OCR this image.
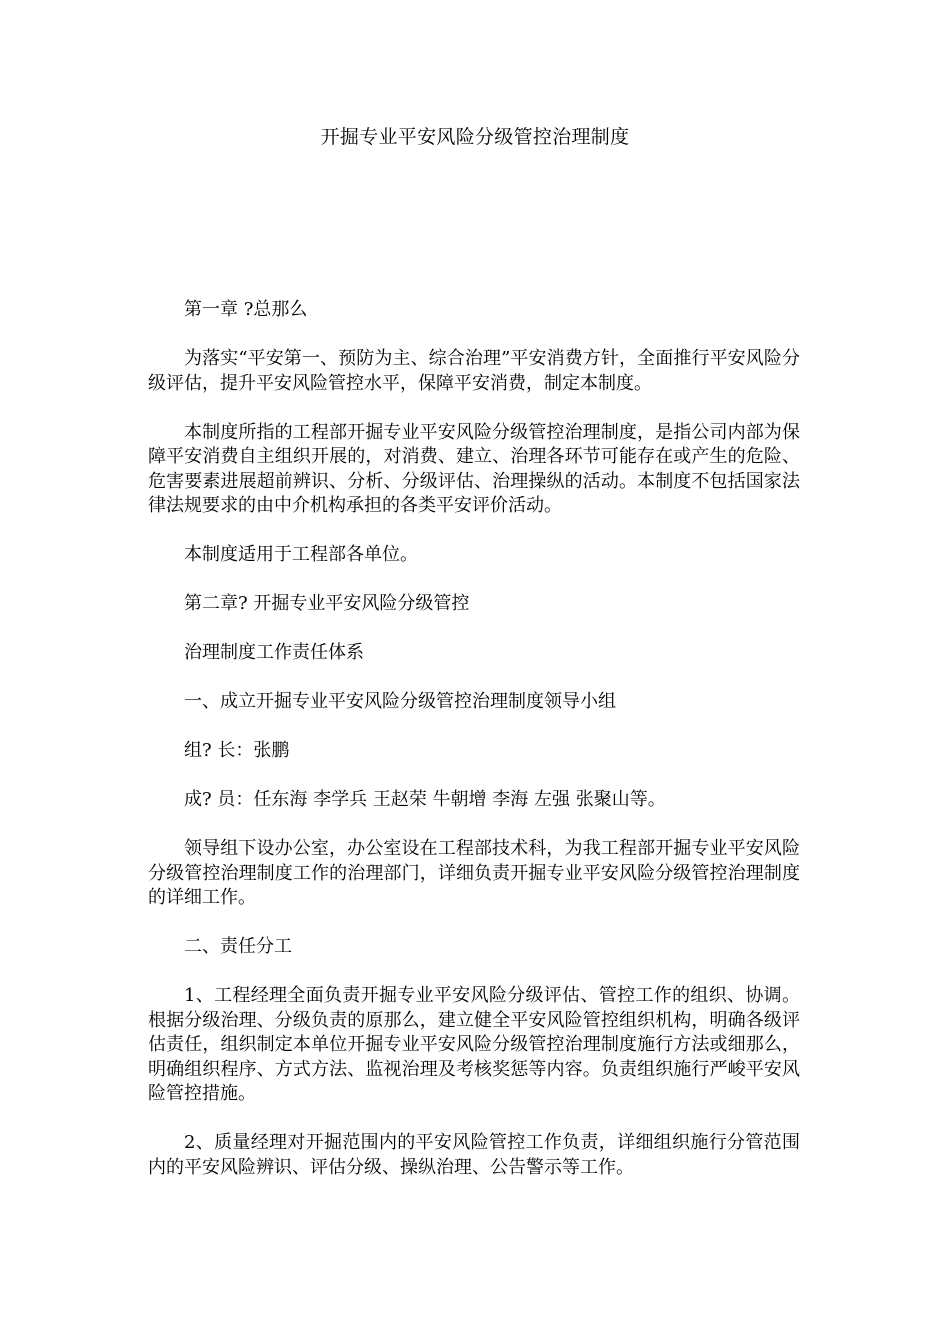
开掘专业平安风险分级管控治理制度

第一章 ?总那么

为落实“平安第一、预防为主、综合治理”平安消费方针，全面推行平安风险分级评估，提升平安风险管控水平，保障平安消费，制定本制度。

本制度所指的工程部开掘专业平安风险分级管控治理制度，是指公司内部为保障平安消费自主组织开展的，对消费、建立、治理各环节可能存在或产生的危险、危害要素进展超前辨识、分析、分级评估、治理操纵的活动。本制度不包括国家法律法规要求的由中介机构承担的各类平安评价活动。

本制度适用于工程部各单位。

第二章? 开掘专业平安风险分级管控

治理制度工作责任体系

一、成立开掘专业平安风险分级管控治理制度领导小组

组? 长：张鹏

成? 员：任东海 李学兵 王赵荣 牛朝增 李海 左强 张聚山等。

领导组下设办公室，办公室设在工程部技术科，为我工程部开掘专业平安风险分级管控治理制度工作的治理部门，详细负责开掘专业平安风险分级管控治理制度的详细工作。

二、责任分工

1、工程经理全面负责开掘专业平安风险分级评估、管控工作的组织、协调。根据分级治理、分级负责的原那么，建立健全平安风险管控组织机构，明确各级评估责任，组织制定本单位开掘专业平安风险分级管控治理制度施行方法或细那么，明确组织程序、方式方法、监视治理及考核奖惩等内容。负责组织施行严峻平安风险管控措施。

2、质量经理对开掘范围内的平安风险管控工作负责，详细组织施行分管范围内的平安风险辨识、评估分级、操纵治理、公告警示等工作。
